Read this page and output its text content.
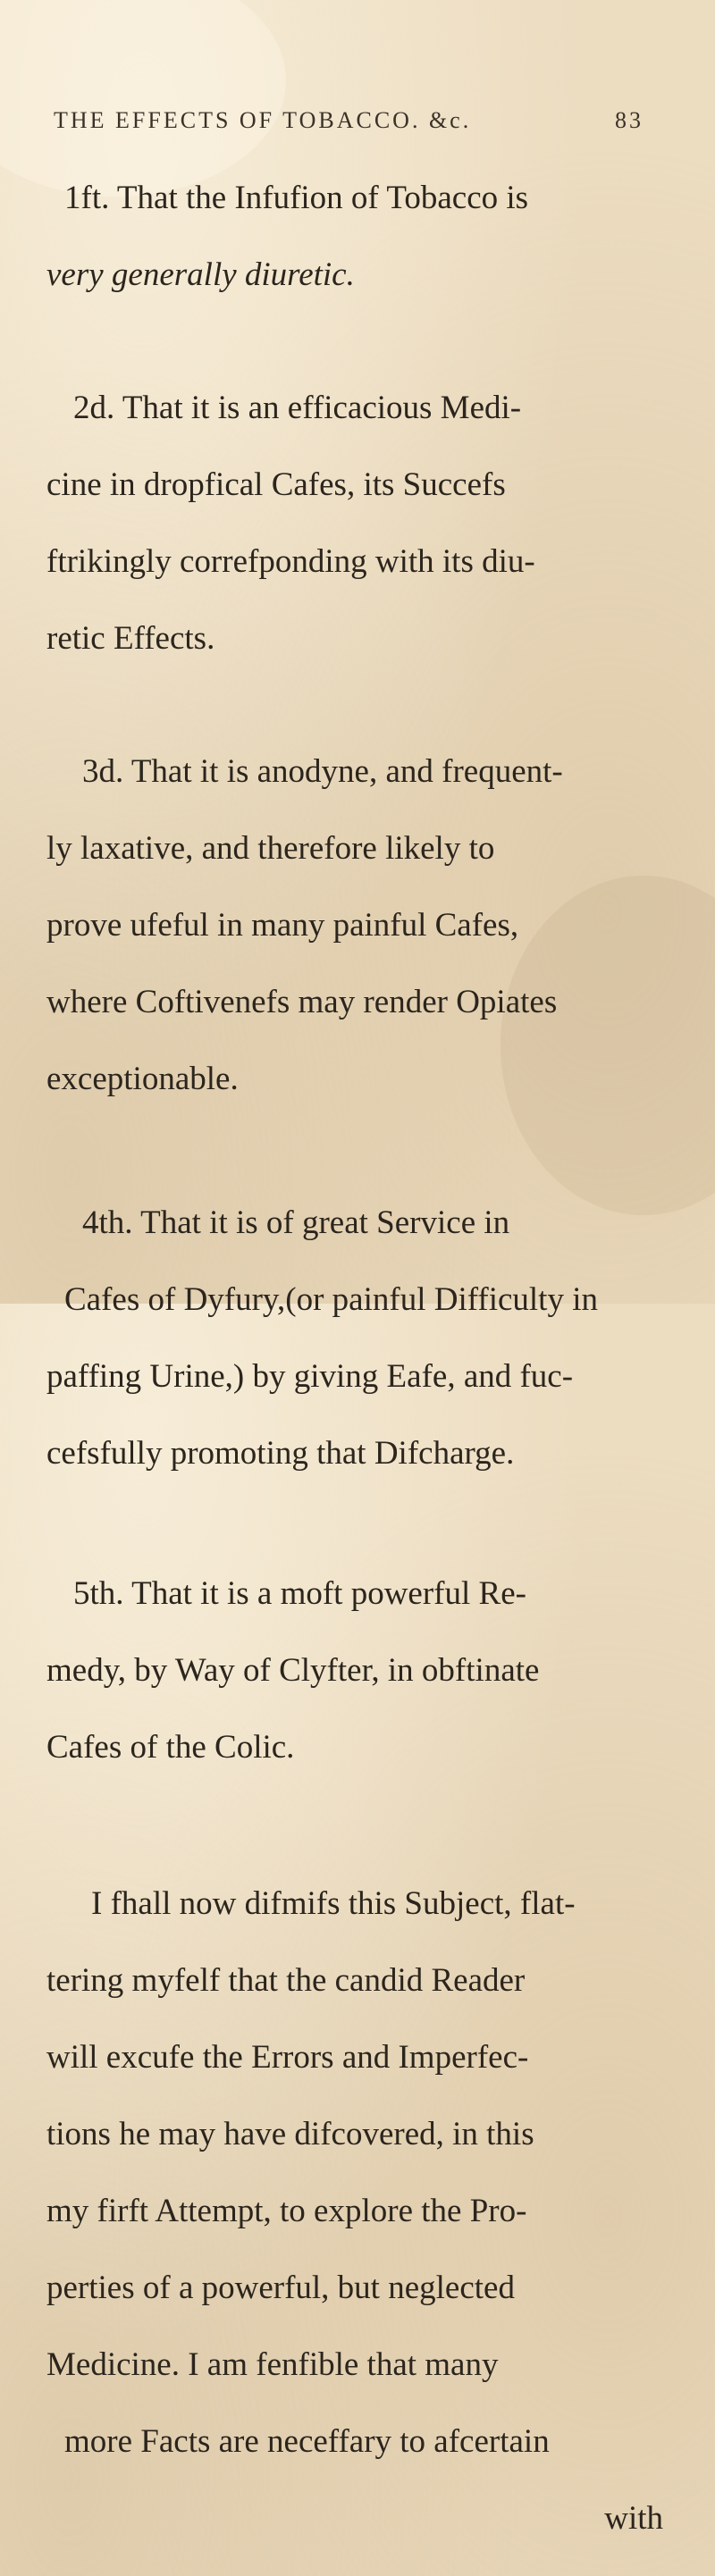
THE EFFECTS OF TOBACCO. &c.	83

1ft. That the Infufion of Tobacco is

very generally diuretic.

2d. That it is an efficacious Medi-

cine in dropfical Cafes, its Succefs

ftrikingly correfponding with its diu-

retic Effects.

3d. That it is anodyne, and frequent-

ly laxative, and therefore likely to

prove ufeful in many painful Cafes,

where Coftivenefs may render Opiates

exceptionable.

4th. That it is of great Service in

Cafes of Dyfury,(or painful Difficulty in

paffing Urine,) by giving Eafe, and fuc-

cefsfully promoting that Difcharge.

5th. That it is a moft powerful Re-

medy, by Way of Clyfter, in obftinate

Cafes of the Colic.

I fhall now difmifs this Subject, flat-

tering myfelf that the candid Reader

will excufe the Errors and Imperfec-

tions he may have difcovered, in this

my firft Attempt, to explore the Pro-

perties of a powerful, but neglected

Medicine. I am fenfible that many

more Facts are neceffary to afcertain

with
